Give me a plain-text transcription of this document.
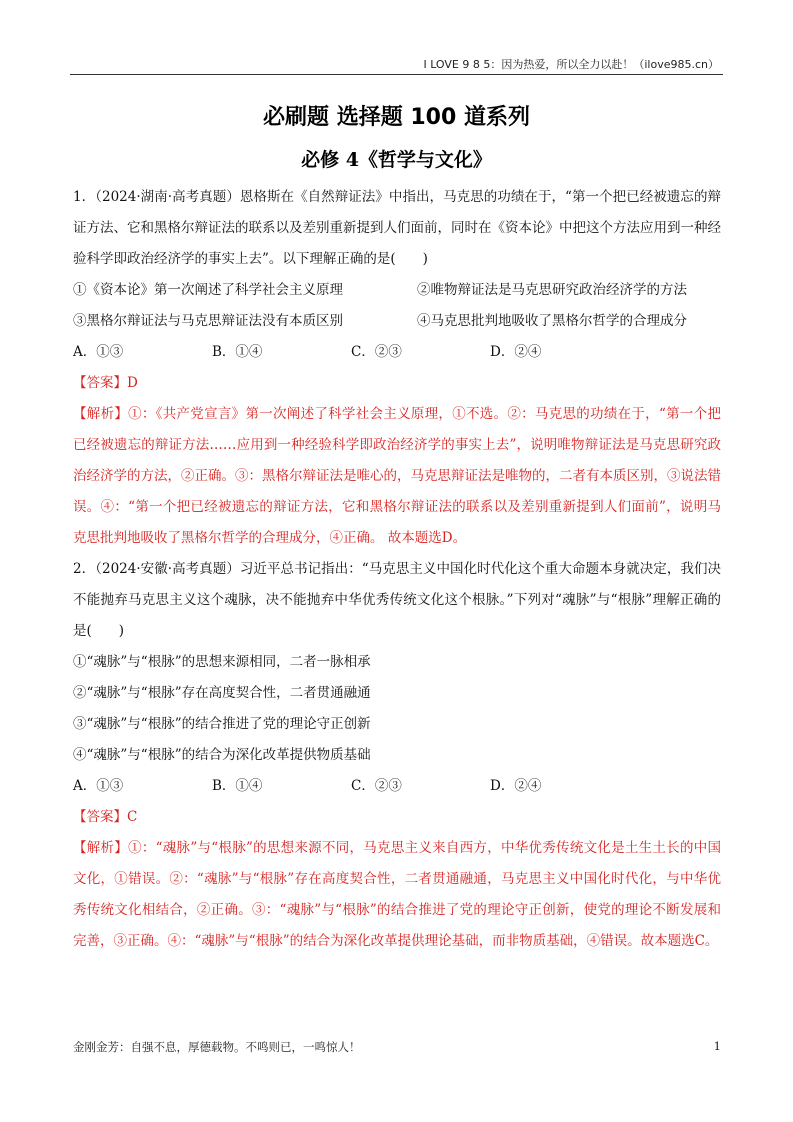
I LOVE 9 8 5：因为热爱，所以全力以赴！（ilove985.cn）
必刷题 选择题 100 道系列
必修 4《哲学与文化》

1．（2024·湖南·高考真题）恩格斯在《自然辩证法》中指出，马克思的功绩在于，“第一个把已经被遗忘的辩证方法、它和黑格尔辩证法的联系以及差别重新提到人们面前，同时在《资本论》中把这个方法应用到一种经验科学即政治经济学的事实上去”。以下理解正确的是(　　)

①《资本论》第一次阐述了科学社会主义原理	②唯物辩证法是马克思研究政治经济学的方法
③黑格尔辩证法与马克思辩证法没有本质区别	④马克思批判地吸收了黑格尔哲学的合理成分
A．①③	B．①④	C．②③	D．②④
【答案】D

【解析】①：《共产党宣言》第一次阐述了科学社会主义原理，①不选。②：马克思的功绩在于，“第一个把已经被遗忘的辩证方法……应用到一种经验科学即政治经济学的事实上去”，说明唯物辩证法是马克思研究政治经济学的方法，②正确。③：黑格尔辩证法是唯心的，马克思辩证法是唯物的，二者有本质区别，③说法错误。④：“第一个把已经被遗忘的辩证方法，它和黑格尔辩证法的联系以及差别重新提到人们面前”，说明马克思批判地吸收了黑格尔哲学的合理成分，④正确。 故本题选D。

2．（2024·安徽·高考真题）习近平总书记指出：“马克思主义中国化时代化这个重大命题本身就决定，我们决不能抛弃马克思主义这个魂脉，决不能抛弃中华优秀传统文化这个根脉。”下列对“魂脉”与“根脉”理解正确的是(　　)

①“魂脉”与“根脉”的思想来源相同，二者一脉相承
②“魂脉”与“根脉”存在高度契合性，二者贯通融通
③“魂脉”与“根脉”的结合推进了党的理论守正创新
④“魂脉”与“根脉”的结合为深化改革提供物质基础
A．①③	B．①④	C．②③	D．②④
【答案】C

【解析】①：“魂脉”与“根脉”的思想来源不同，马克思主义来自西方，中华优秀传统文化是土生土长的中国文化，①错误。②：“魂脉”与“根脉”存在高度契合性，二者贯通融通，马克思主义中国化时代化，与中华优秀传统文化相结合，②正确。③：“魂脉”与“根脉”的结合推进了党的理论守正创新，使党的理论不断发展和完善，③正确。④：“魂脉”与“根脉”的结合为深化改革提供理论基础，而非物质基础，④错误。故本题选C。

金刚金芳：自强不息，厚德载物。不鸣则已，一鸣惊人！	1
